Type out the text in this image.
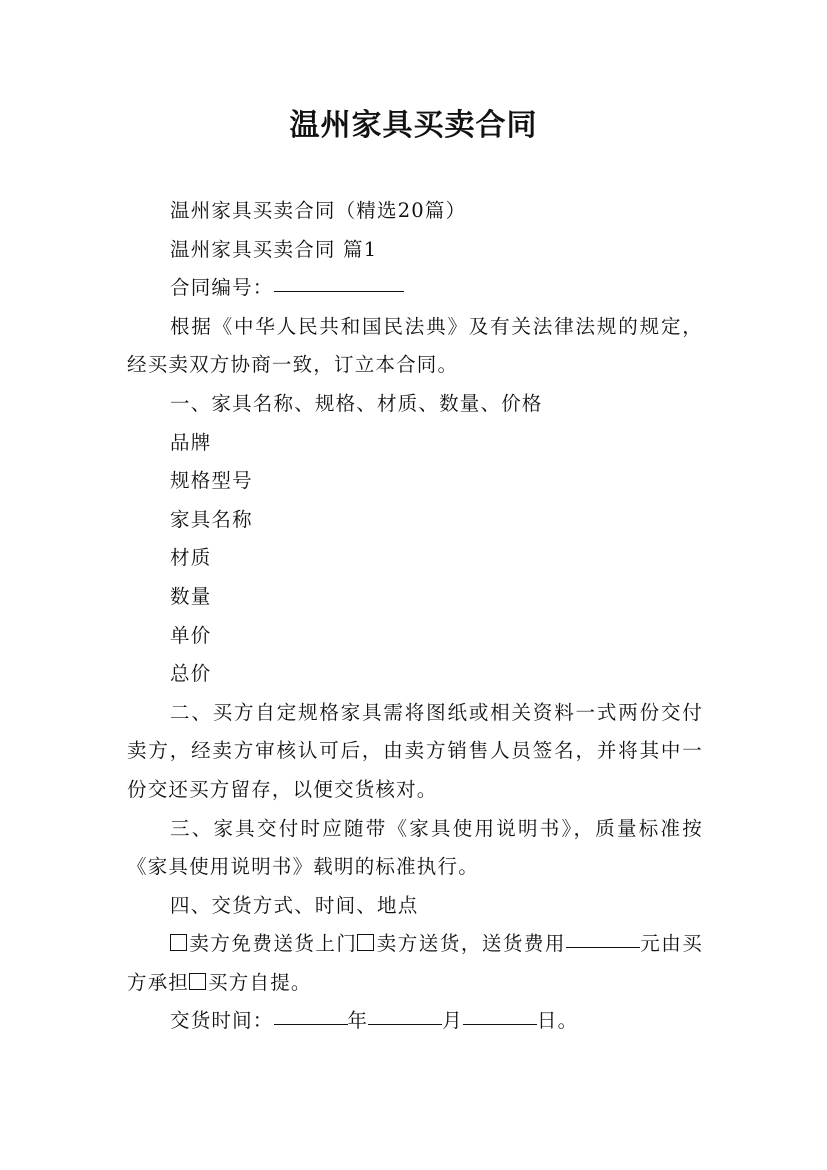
温州家具买卖合同

温州家具买卖合同（精选20篇）

温州家具买卖合同 篇1

合同编号：

根据《中华人民共和国民法典》及有关法律法规的规定，经买卖双方协商一致，订立本合同。

一、家具名称、规格、材质、数量、价格

品牌

规格型号

家具名称

材质

数量

单价

总价

二、买方自定规格家具需将图纸或相关资料一式两份交付卖方，经卖方审核认可后，由卖方销售人员签名，并将其中一份交还买方留存，以便交货核对。

三、家具交付时应随带《家具使用说明书》，质量标准按《家具使用说明书》载明的标准执行。

四、交货方式、时间、地点

卖方免费送货上门 卖方送货，送货费用	元由买方承担 买方自提。

交货时间：	年	月	日。
